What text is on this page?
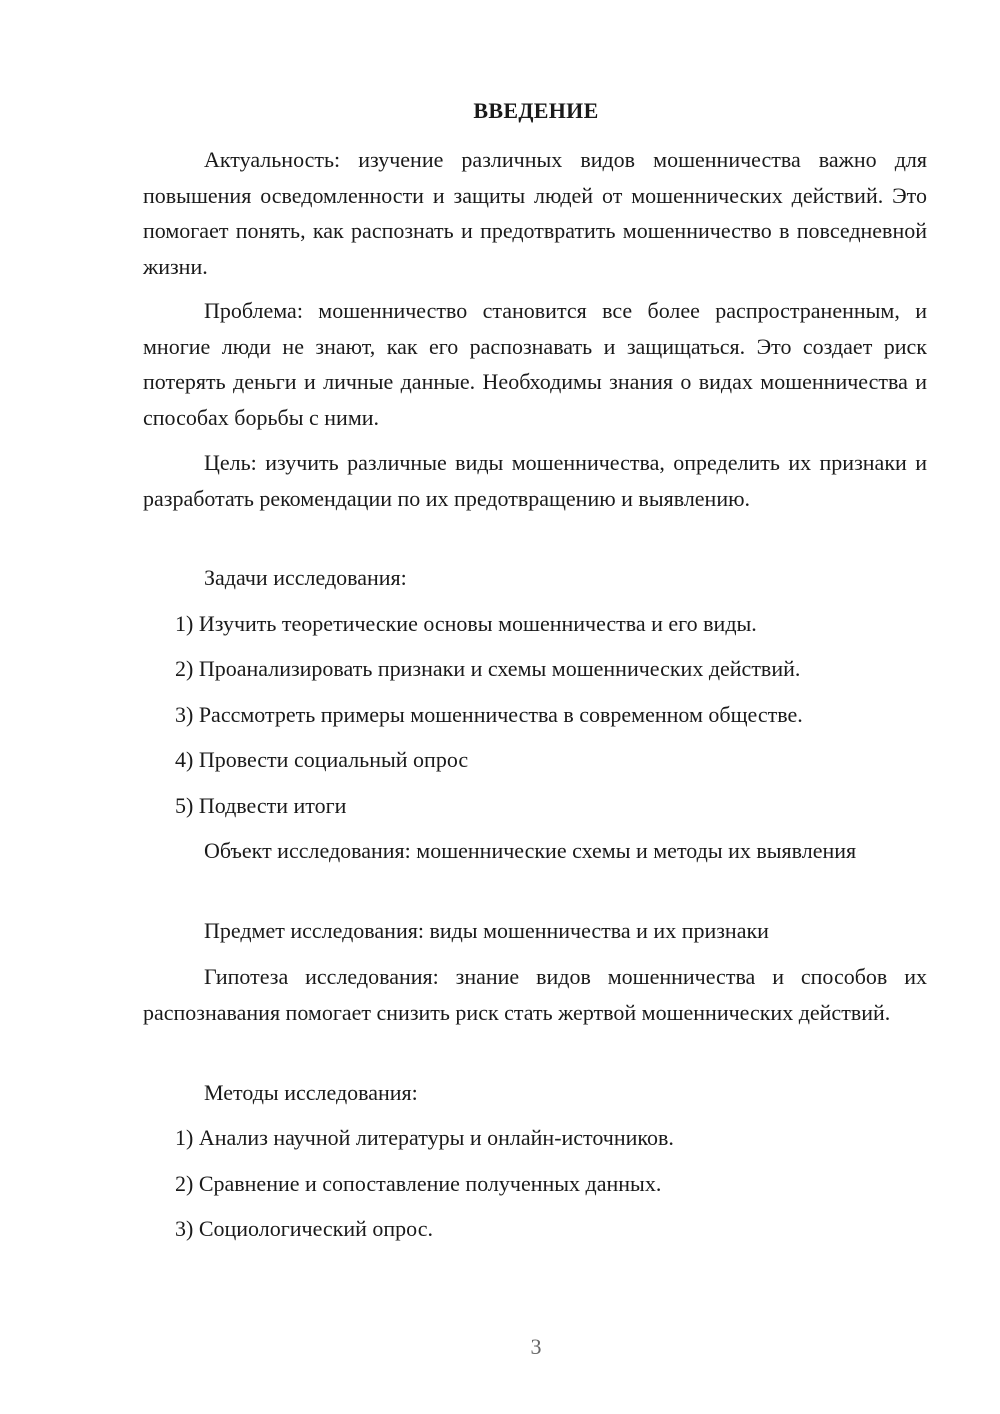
ВВЕДЕНИЕ

Актуальность: изучение различных видов мошенничества важно для повышения осведомленности и защиты людей от мошеннических действий. Это помогает понять, как распознать и предотвратить мошенничество в повседневной жизни.

Проблема: мошенничество становится все более распространенным, и многие люди не знают, как его распознавать и защищаться. Это создает риск потерять деньги и личные данные. Необходимы знания о видах мошенничества и способах борьбы с ними.

Цель: изучить различные виды мошенничества, определить их признаки и разработать рекомендации по их предотвращению и выявлению.

Задачи исследования:

1) Изучить теоретические основы мошенничества и его виды.

2) Проанализировать признаки и схемы мошеннических действий.

3) Рассмотреть примеры мошенничества в современном обществе.

4) Провести социальный опрос

5) Подвести итоги

Объект исследования: мошеннические схемы и методы их выявления

Предмет исследования: виды мошенничества и их признаки

Гипотеза исследования: знание видов мошенничества и способов их распознавания помогает снизить риск стать жертвой мошеннических действий.

Методы исследования:

1) Анализ научной литературы и онлайн-источников.

2) Сравнение и сопоставление полученных данных.

3) Социологический опрос.

3
